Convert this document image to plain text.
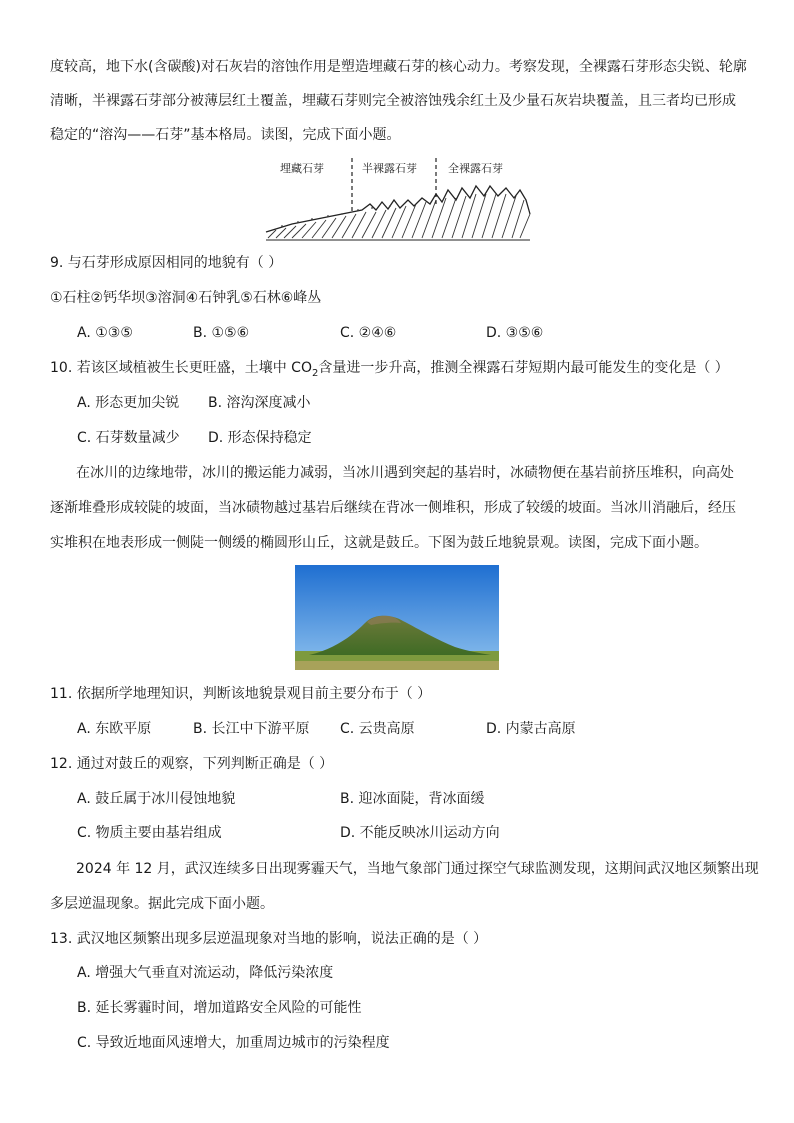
度较高，地下水(含碳酸)对石灰岩的溶蚀作用是塑造埋藏石芽的核心动力。考察发现，全裸露石芽形态尖锐、轮廓
清晰，半裸露石芽部分被薄层红土覆盖，埋藏石芽则完全被溶蚀残余红土及少量石灰岩块覆盖，且三者均已形成
稳定的“溶沟——石芽”基本格局。读图，完成下面小题。
埋藏石芽	半裸露石芽	全裸露石芽
9. 与石芽形成原因相同的地貌有（ ）
①石柱②钙华坝③溶洞④石钟乳⑤石林⑥峰丛
A. ①③⑤	B. ①⑤⑥	C. ②④⑥	D. ③⑤⑥
10. 若该区域植被生长更旺盛，土壤中 $CO_2$含量进一步升高，推测全裸露石芽短期内最可能发生的变化是（ ）
A. 形态更加尖锐 B. 溶沟深度减小
C. 石芽数量减少 D. 形态保持稳定
在冰川的边缘地带，冰川的搬运能力减弱，当冰川遇到突起的基岩时，冰碛物便在基岩前挤压堆积，向高处
逐渐堆叠形成较陡的坡面，当冰碛物越过基岩后继续在背冰一侧堆积，形成了较缓的坡面。当冰川消融后，经压
实堆积在地表形成一侧陡一侧缓的椭圆形山丘，这就是鼓丘。下图为鼓丘地貌景观。读图，完成下面小题。
11. 依据所学地理知识，判断该地貌景观目前主要分布于（ ）
A. 东欧平原	B. 长江中下游平原 C. 云贵高原	D. 内蒙古高原
12. 通过对鼓丘的观察，下列判断正确是（ ）
A. 鼓丘属于冰川侵蚀地貌	B. 迎冰面陡，背冰面缓
C. 物质主要由基岩组成	D. 不能反映冰川运动方向
2024 年 12 月，武汉连续多日出现雾霾天气，当地气象部门通过探空气球监测发现，这期间武汉地区频繁出现
多层逆温现象。据此完成下面小题。
13. 武汉地区频繁出现多层逆温现象对当地的影响，说法正确的是（ ）
A. 增强大气垂直对流运动，降低污染浓度
B. 延长雾霾时间，增加道路安全风险的可能性
C. 导致近地面风速增大，加重周边城市的污染程度
